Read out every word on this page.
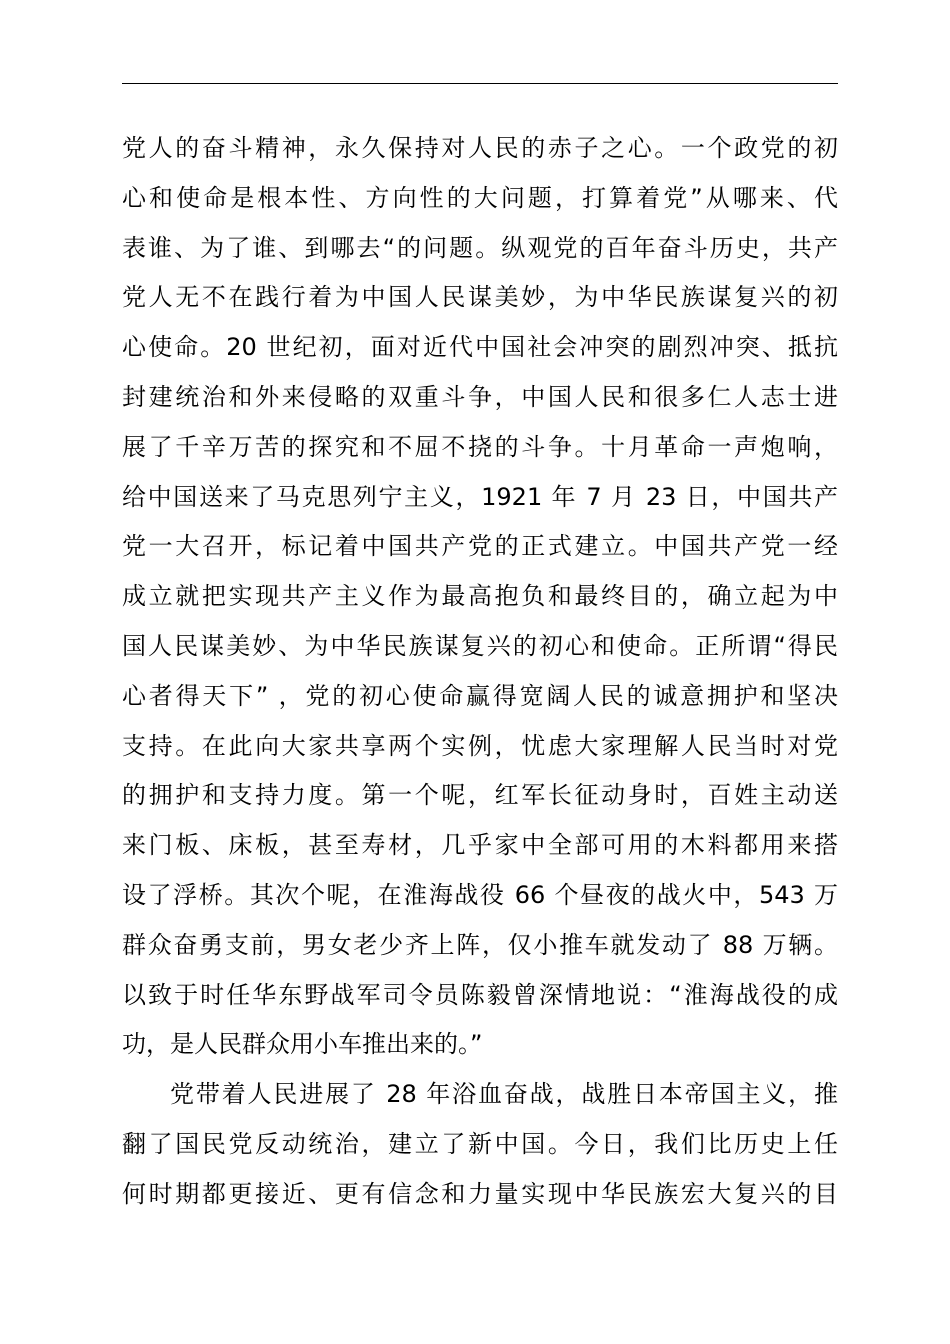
党人的奋斗精神，永久保持对人民的赤子之心。一个政党的初
心和使命是根本性、方向性的大问题，打算着党”从哪来、代
表谁、为了谁、到哪去“的问题。纵观党的百年奋斗历史，共产
党人无不在践行着为中国人民谋美妙，为中华民族谋复兴的初
心使命。20 世纪初，面对近代中国社会冲突的剧烈冲突、抵抗
封建统治和外来侵略的双重斗争，中国人民和很多仁人志士进
展了千辛万苦的探究和不屈不挠的斗争。十月革命一声炮响，
给中国送来了马克思列宁主义，1921 年 7 月 23 日，中国共产
党一大召开，标记着中国共产党的正式建立。中国共产党一经
成立就把实现共产主义作为最高抱负和最终目的，确立起为中
国人民谋美妙、为中华民族谋复兴的初心和使命。正所谓“得民
心者得天下” ，党的初心使命赢得宽阔人民的诚意拥护和坚决
支持。在此向大家共享两个实例，忧虑大家理解人民当时对党
的拥护和支持力度。第一个呢，红军长征动身时，百姓主动送
来门板、床板，甚至寿材，几乎家中全部可用的木料都用来搭
设了浮桥。其次个呢，在淮海战役 66 个昼夜的战火中，543 万
群众奋勇支前，男女老少齐上阵，仅小推车就发动了 88 万辆。
以致于时任华东野战军司令员陈毅曾深情地说：“淮海战役的成
功，是人民群众用小车推出来的。”
党带着人民进展了 28 年浴血奋战，战胜日本帝国主义，推
翻了国民党反动统治，建立了新中国。今日，我们比历史上任
何时期都更接近、更有信念和力量实现中华民族宏大复兴的目
